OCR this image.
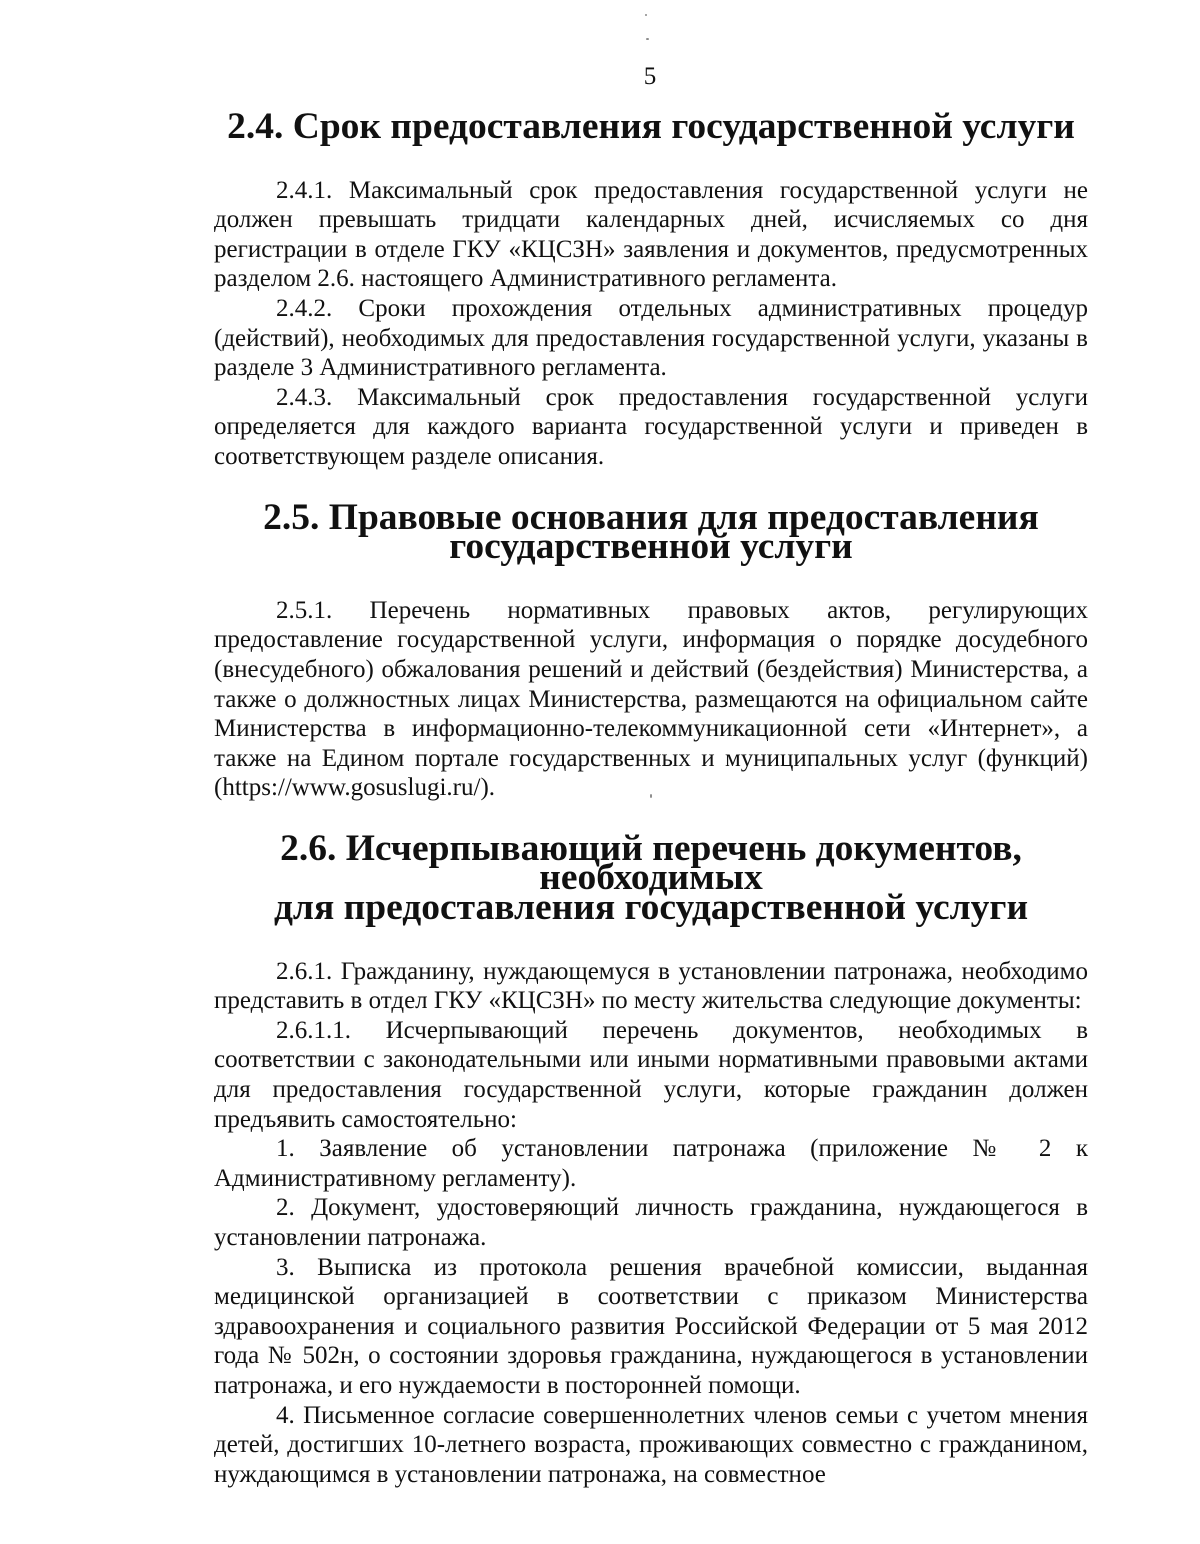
5
2.4. Срок предоставления государственной услуги

2.4.1. Максимальный срок предоставления государственной услуги не должен превышать тридцати календарных дней, исчисляемых со дня регистрации в отделе ГКУ «КЦСЗН» заявления и документов, предусмотренных разделом 2.6. настоящего Административного регламента.

2.4.2. Сроки прохождения отдельных административных процедур (действий), необходимых для предоставления государственной услуги, указаны в разделе 3 Административного регламента.

2.4.3. Максимальный срок предоставления государственной услуги определяется для каждого варианта государственной услуги и приведен в соответствующем разделе описания.

2.5. Правовые основания для предоставления
государственной услуги

2.5.1. Перечень нормативных правовых актов, регулирующих предоставление государственной услуги, информация о порядке досудебного (внесудебного) обжалования решений и действий (бездействия) Министерства, а также о должностных лицах Министерства, размещаются на официальном сайте Министерства в информационно-телекоммуникационной сети «Интернет», а также на Едином портале государственных и муниципальных услуг (функций) (https://www.gosuslugi.ru/).

2.6. Исчерпывающий перечень документов, необходимых
для предоставления государственной услуги

2.6.1. Гражданину, нуждающемуся в установлении патронажа, необходимо представить в отдел ГКУ «КЦСЗН» по месту жительства следующие документы:

2.6.1.1. Исчерпывающий перечень документов, необходимых в соответствии с законодательными или иными нормативными правовыми актами для предоставления государственной услуги, которые гражданин должен предъявить самостоятельно:

1. Заявление об установлении патронажа (приложение № 2 к Административному регламенту).

2. Документ, удостоверяющий личность гражданина, нуждающегося в установлении патронажа.

3. Выписка из протокола решения врачебной комиссии, выданная медицинской организацией в соответствии с приказом Министерства здравоохранения и социального развития Российской Федерации от 5 мая 2012 года № 502н, о состоянии здоровья гражданина, нуждающегося в установлении патронажа, и его нуждаемости в посторонней помощи.

4. Письменное согласие совершеннолетних членов семьи с учетом мнения детей, достигших 10-летнего возраста, проживающих совместно с гражданином, нуждающимся в установлении патронажа, на совместное
